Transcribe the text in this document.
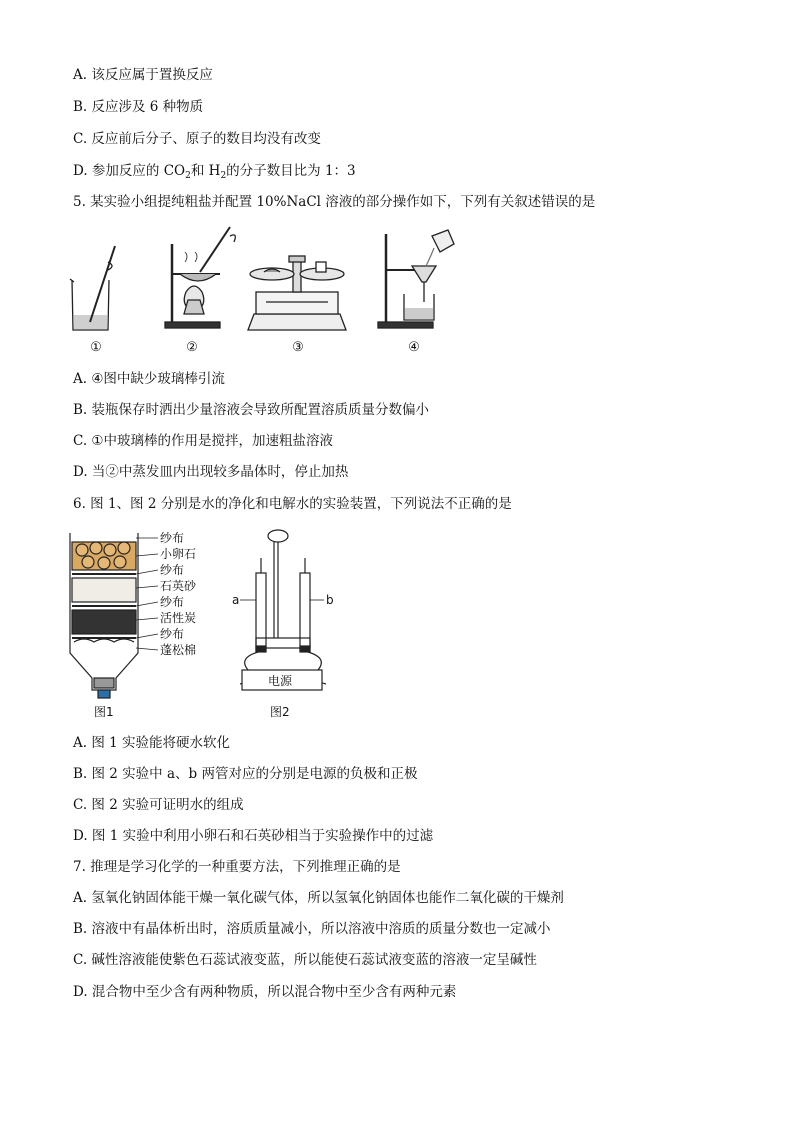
A. 该反应属于置换反应
B. 反应涉及 6 种物质
C. 反应前后分子、原子的数目均没有改变
D. 参加反应的 $CO_2$和 $H_2$的分子数目比为 1：3
5. 某实验小组提纯粗盐并配置 10%NaCl 溶液的部分操作如下，下列有关叙述错误的是
①	②	③	④
A. ④图中缺少玻璃棒引流
B. 装瓶保存时洒出少量溶液会导致所配置溶质质量分数偏小
C. ①中玻璃棒的作用是搅拌，加速粗盐溶液
D. 当②中蒸发皿内出现较多晶体时，停止加热
6. 图 1、图 2 分别是水的净化和电解水的实验装置，下列说法不正确的是
纱布
小卵石
纱布
石英砂
纱布
活性炭
纱布
蓬松棉
a	b
电源
图1	图2
A. 图 1 实验能将硬水软化
B. 图 2 实验中 a、b 两管对应的分别是电源的负极和正极
C. 图 2 实验可证明水的组成
D. 图 1 实验中利用小卵石和石英砂相当于实验操作中的过滤
7. 推理是学习化学的一种重要方法，下列推理正确的是
A. 氢氧化钠固体能干燥一氧化碳气体，所以氢氧化钠固体也能作二氧化碳的干燥剂
B. 溶液中有晶体析出时，溶质质量减小，所以溶液中溶质的质量分数也一定减小
C. 碱性溶液能使紫色石蕊试液变蓝，所以能使石蕊试液变蓝的溶液一定呈碱性
D. 混合物中至少含有两种物质，所以混合物中至少含有两种元素
